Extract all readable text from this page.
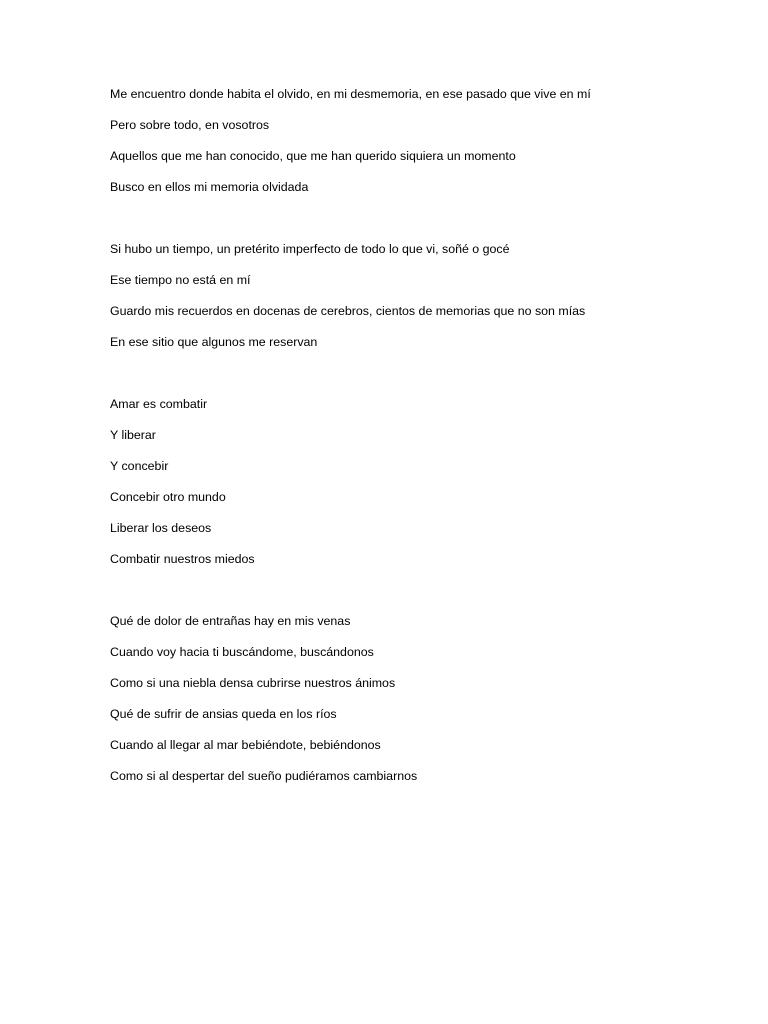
Me encuentro donde habita el olvido, en mi desmemoria, en ese pasado que vive en mí
Pero sobre todo, en vosotros
Aquellos que me han conocido, que me han querido siquiera un momento
Busco en ellos mi memoria olvidada
Si hubo un tiempo, un pretérito imperfecto de todo lo que vi, soñé o gocé
Ese tiempo no está en mí
Guardo mis recuerdos en docenas de cerebros, cientos de memorias que no son mías
En ese sitio que algunos me reservan
Amar es combatir
Y liberar
Y concebir
Concebir otro mundo
Liberar los deseos
Combatir nuestros miedos
Qué de dolor de entrañas hay en mis venas
Cuando voy hacia ti buscándome, buscándonos
Como si una niebla densa cubrirse nuestros ánimos
Qué de sufrir de ansias queda en los ríos
Cuando al llegar al mar bebiéndote, bebiéndonos
Como si al despertar del sueño pudiéramos cambiarnos
